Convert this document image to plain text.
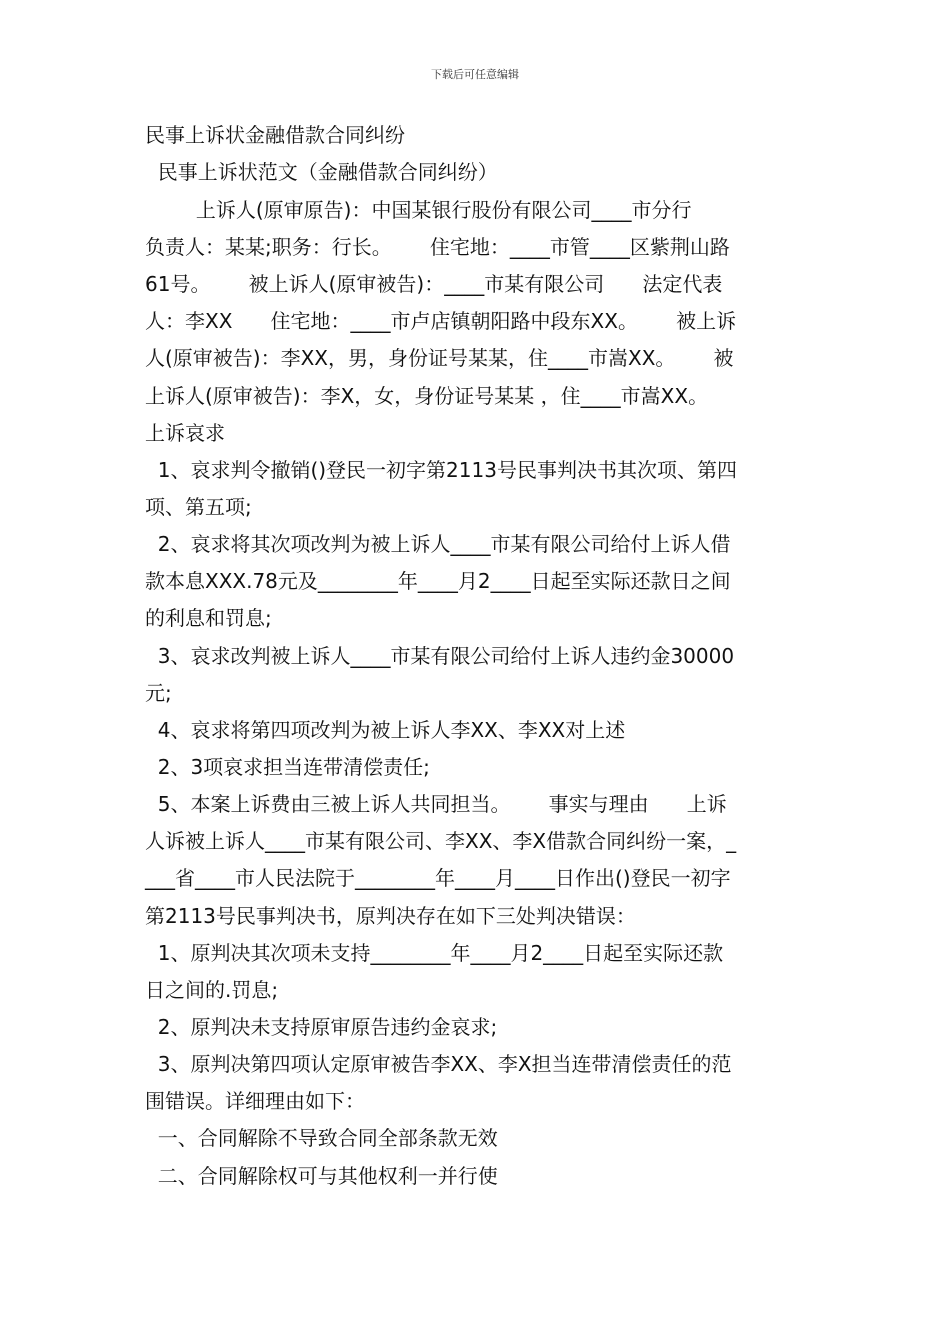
下载后可任意编辑
民事上诉状金融借款合同纠纷
民事上诉状范文（金融借款合同纠纷）
上诉人(原审原告)：中国某银行股份有限公司____市分行
负责人：某某;职务：行长。      住宅地：____市管____区紫荆山路
61号。      被上诉人(原审被告)：____市某有限公司      法定代表
人：李XX      住宅地：____市卢店镇朝阳路中段东XX。      被上诉
人(原审被告)：李XX，男，身份证号某某，住____市嵩XX。      被
上诉人(原审被告)：李X，女，身份证号某某 ，住____市嵩XX。
上诉哀求
1、哀求判令撤销()登民一初字第2113号民事判决书其次项、第四
项、第五项;
2、哀求将其次项改判为被上诉人____市某有限公司给付上诉人借
款本息XXX.78元及________年____月2____日起至实际还款日之间
的利息和罚息;
3、哀求改判被上诉人____市某有限公司给付上诉人违约金30000
元;
4、哀求将第四项改判为被上诉人李XX、李XX对上述
2、3项哀求担当连带清偿责任;
5、本案上诉费由三被上诉人共同担当。      事实与理由      上诉
人诉被上诉人____市某有限公司、李XX、李X借款合同纠纷一案，_
___省____市人民法院于________年____月____日作出()登民一初字
第2113号民事判决书，原判决存在如下三处判决错误：
1、原判决其次项未支持________年____月2____日起至实际还款
日之间的.罚息;
2、原判决未支持原审原告违约金哀求;
3、原判决第四项认定原审被告李XX、李X担当连带清偿责任的范
围错误。详细理由如下：
一、合同解除不导致合同全部条款无效
二、合同解除权可与其他权利一并行使
